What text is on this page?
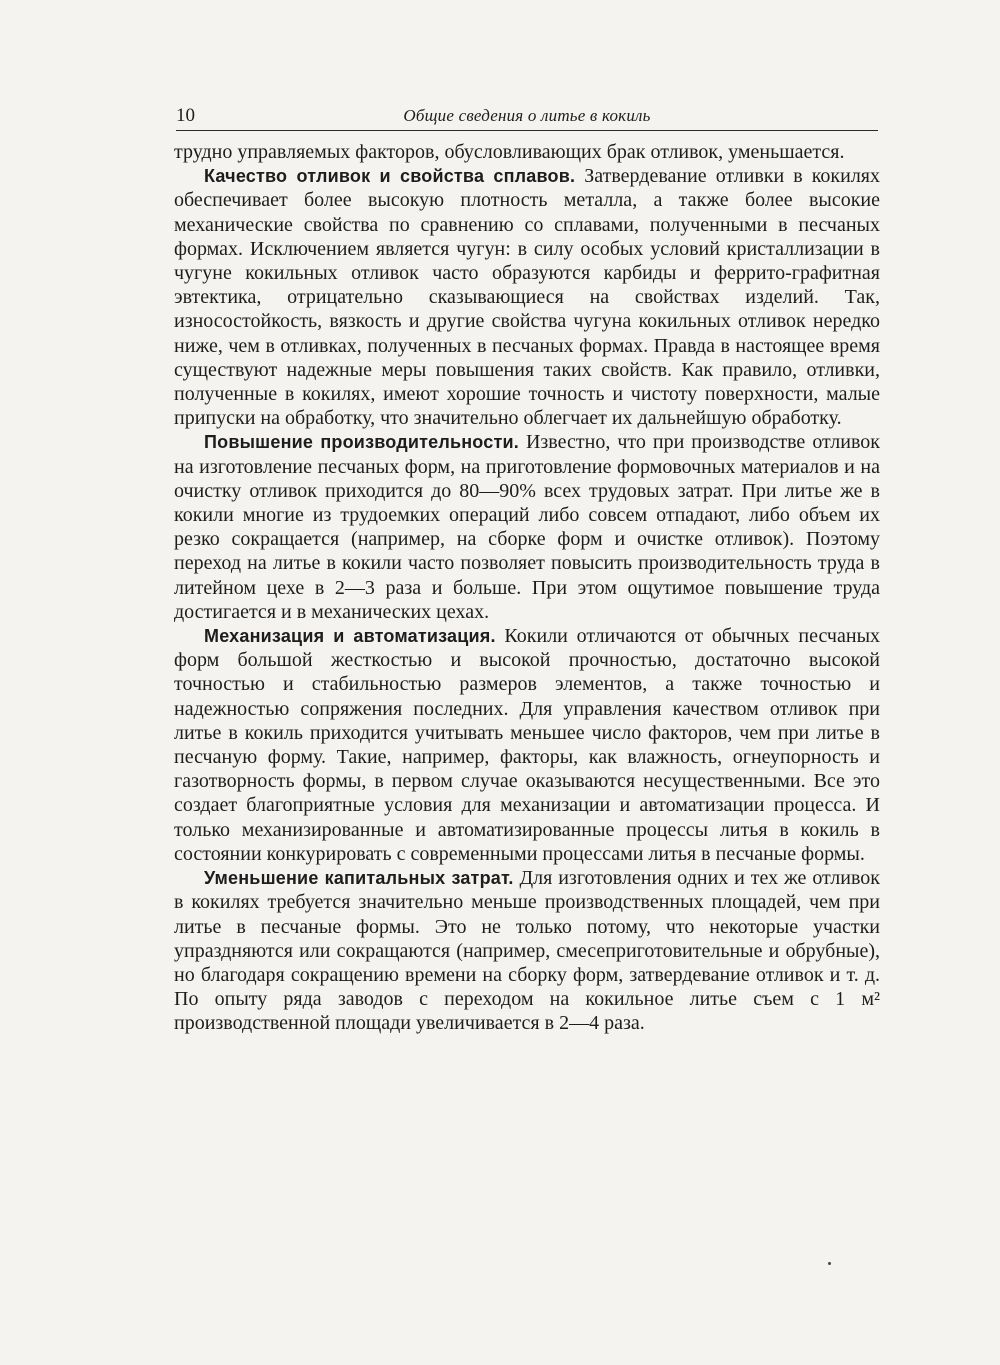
10	Общие сведения о литье в кокиль

трудно управляемых факторов, обусловливающих брак отливок, уменьшается.

Качество отливок и свойства сплавов. Затвердевание отливки в кокилях обеспечивает более высокую плотность металла, а также более высокие механические свойства по сравнению со сплавами, полученными в песчаных формах. Исключением является чугун: в силу особых условий кристаллизации в чугуне кокильных отливок часто образуются карбиды и феррито-графитная эвтектика, отрицательно сказывающиеся на свойствах изделий. Так, износостойкость, вязкость и другие свойства чугуна кокильных отливок нередко ниже, чем в отливках, полученных в песчаных формах. Правда в настоящее время существуют надежные меры повышения таких свойств. Как правило, отливки, полученные в кокилях, имеют хорошие точность и чистоту поверхности, малые припуски на обработку, что значительно облегчает их дальнейшую обработку.

Повышение производительности. Известно, что при производстве отливок на изготовление песчаных форм, на приготовление формовочных материалов и на очистку отливок приходится до 80—90% всех трудовых затрат. При литье же в кокили многие из трудоемких операций либо совсем отпадают, либо объем их резко сокращается (например, на сборке форм и очистке отливок). Поэтому переход на литье в кокили часто позволяет повысить производительность труда в литейном цехе в 2—3 раза и больше. При этом ощутимое повышение труда достигается и в механических цехах.

Механизация и автоматизация. Кокили отличаются от обычных песчаных форм большой жесткостью и высокой прочностью, достаточно высокой точностью и стабильностью размеров элементов, а также точностью и надежностью сопряжения последних. Для управления качеством отливок при литье в кокиль приходится учитывать меньшее число факторов, чем при литье в песчаную форму. Такие, например, факторы, как влажность, огнеупорность и газотворность формы, в первом случае оказываются несущественными. Все это создает благоприятные условия для механизации и автоматизации процесса. И только механизированные и автоматизированные процессы литья в кокиль в состоянии конкурировать с современными процессами литья в песчаные формы.

Уменьшение капитальных затрат. Для изготовления одних и тех же отливок в кокилях требуется значительно меньше производственных площадей, чем при литье в песчаные формы. Это не только потому, что некоторые участки упраздняются или сокращаются (например, смесеприготовительные и обрубные), но благодаря сокращению времени на сборку форм, затвердевание отливок и т. д. По опыту ряда заводов с переходом на кокильное литье съем с 1 м² производственной площади увеличивается в 2—4 раза.
